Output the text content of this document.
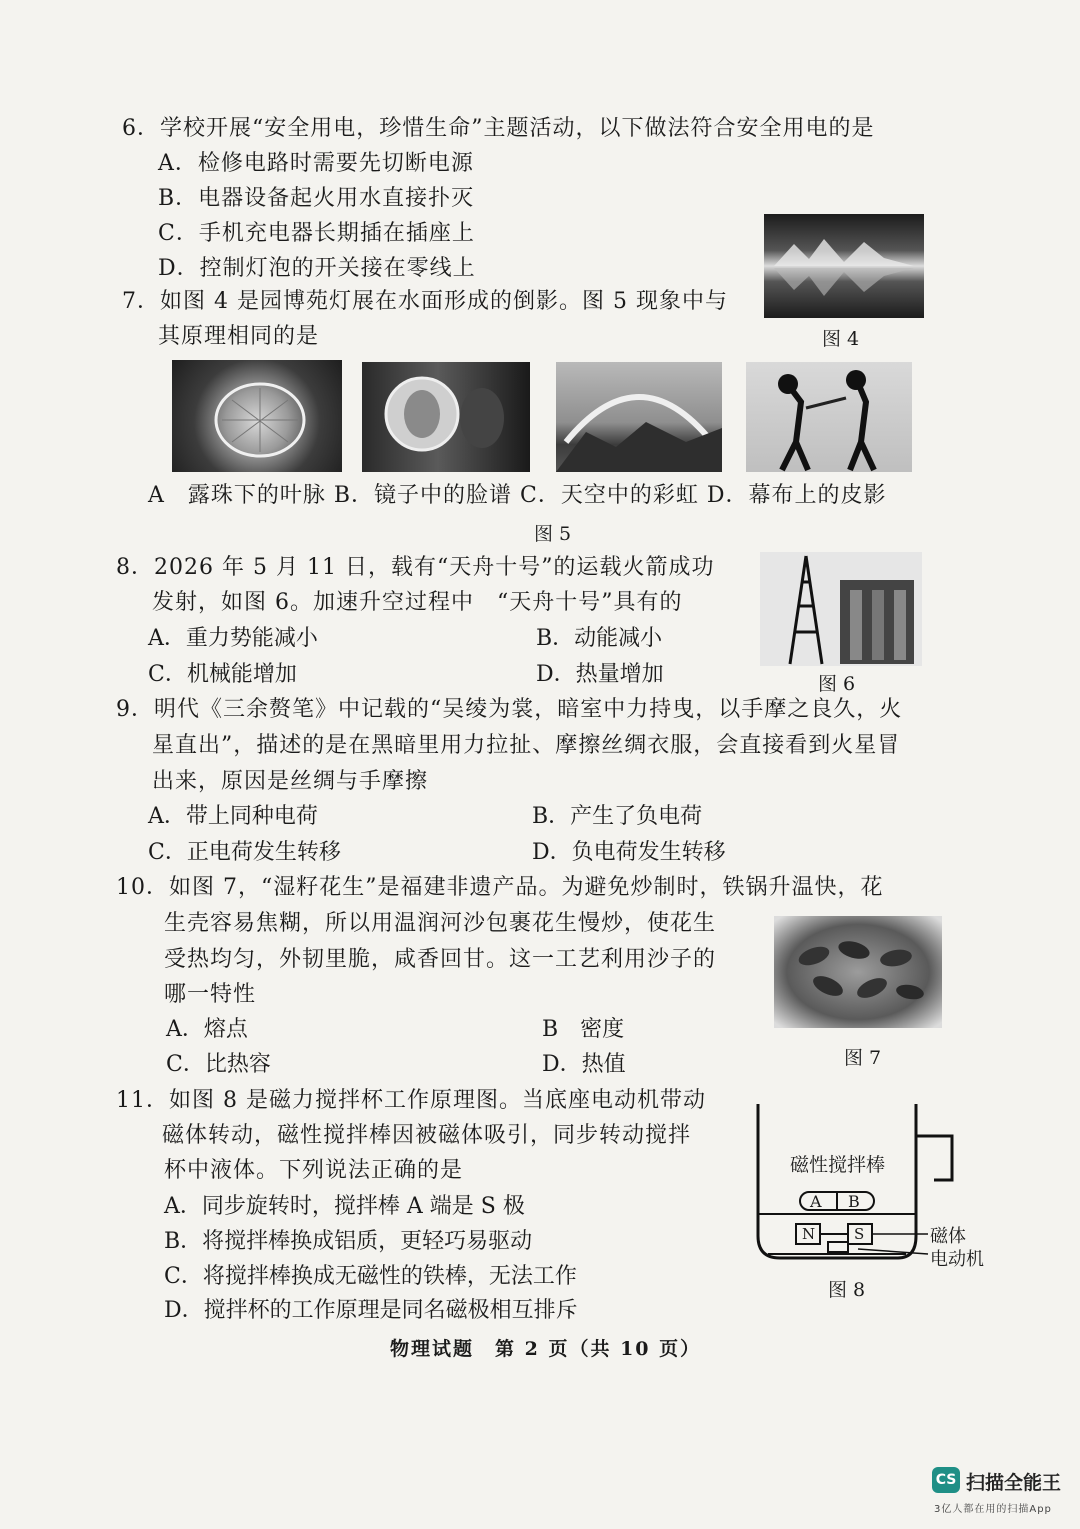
6．学校开展“安全用电，珍惜生命”主题活动，以下做法符合安全用电的是
A．检修电路时需要先切断电源
B．电器设备起火用水直接扑灭
C．手机充电器长期插在插座上
D．控制灯泡的开关接在零线上
图 4
7．如图 4 是园博苑灯展在水面形成的倒影。图 5 现象中与
其原理相同的是
A　露珠下的叶脉 B．镜子中的脸谱 C．天空中的彩虹 D．幕布上的皮影
图 5
8．2026 年 5 月 11 日，载有“天舟十号”的运载火箭成功
发射，如图 6。加速升空过程中　“天舟十号”具有的
A．重力势能减小	B．动能减小
C．机械能增加	D．热量增加	图 6
9．明代《三余赘笔》中记载的“吴绫为裳，暗室中力持曳，以手摩之良久，火
星直出”，描述的是在黑暗里用力拉扯、摩擦丝绸衣服，会直接看到火星冒
出来，原因是丝绸与手摩擦
A．带上同种电荷	B．产生了负电荷
C．正电荷发生转移	D．负电荷发生转移
10．如图 7，“湿籽花生”是福建非遗产品。为避免炒制时，铁锅升温快，花
生壳容易焦糊，所以用温润河沙包裹花生慢炒，使花生
受热均匀，外韧里脆，咸香回甘。这一工艺利用沙子的
哪一特性
A．熔点	B　密度
C．比热容	D．热值	图 7
11．如图 8 是磁力搅拌杯工作原理图。当底座电动机带动
磁体转动，磁性搅拌棒因被磁体吸引，同步转动搅拌
杯中液体。下列说法正确的是
A．同步旋转时，搅拌棒 A 端是 S 极
B．将搅拌棒换成铝质，更轻巧易驱动
C．将搅拌棒换成无磁性的铁棒，无法工作
D．搅拌杯的工作原理是同名磁极相互排斥
磁性搅拌棒
A B
N	S	磁体
电动机
图 8
物理试题　第 2 页（共 10 页）
CS 扫描全能王
3亿人都在用的扫描App
